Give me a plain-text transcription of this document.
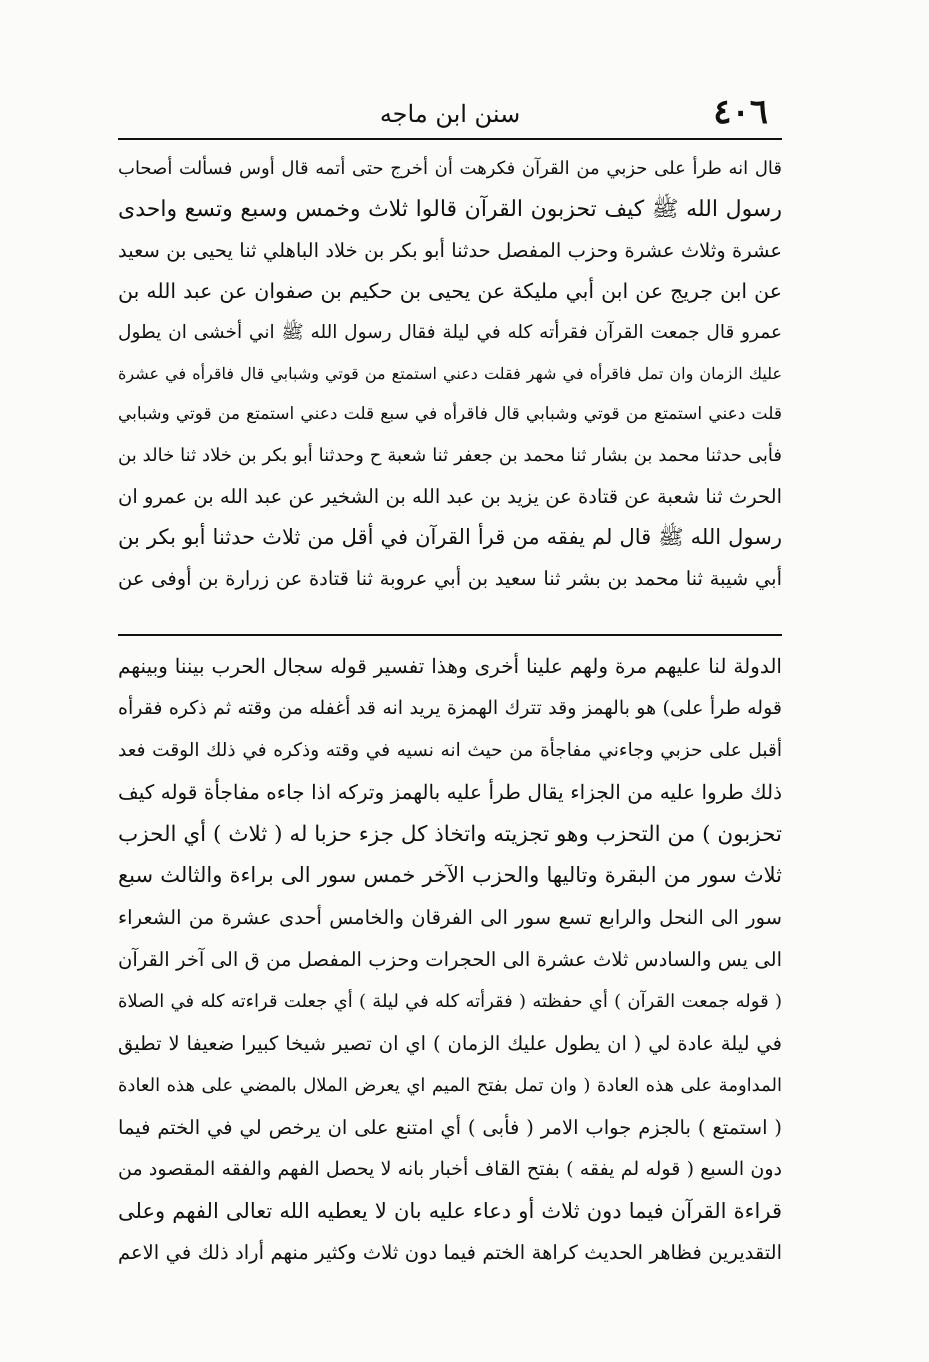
٤٠٦
سنن ابن ماجه
قال انه طرأ على حزبي من القرآن فكرهت أن أخرج حتى أتمه قال أوس فسألت أصحاب
رسول الله ﷺ كيف تحزبون القرآن قالوا ثلاث وخمس وسبع وتسع واحدى
عشرة وثلاث عشرة وحزب المفصل حدثنا أبو بكر بن خلاد الباهلي ثنا يحيى بن سعيد
عن ابن جريج عن ابن أبي مليكة عن يحيى بن حكيم بن صفوان عن عبد الله بن
عمرو قال جمعت القرآن فقرأته كله في ليلة فقال رسول الله ﷺ اني أخشى ان يطول
عليك الزمان وان تمل فاقرأه في شهر فقلت دعني استمتع من قوتي وشبابي قال فاقرأه في عشرة
قلت دعني استمتع من قوتي وشبابي قال فاقرأه في سبع قلت دعني استمتع من قوتي وشبابي
فأبى حدثنا محمد بن بشار ثنا محمد بن جعفر ثنا شعبة ح وحدثنا أبو بكر بن خلاد ثنا خالد بن
الحرث ثنا شعبة عن قتادة عن يزيد بن عبد الله بن الشخير عن عبد الله بن عمرو ان
رسول الله ﷺ قال لم يفقه من قرأ القرآن في أقل من ثلاث حدثنا أبو بكر بن
أبي شيبة ثنا محمد بن بشر ثنا سعيد بن أبي عروبة ثنا قتادة عن زرارة بن أوفى عن
الدولة لنا عليهم مرة ولهم علينا أخرى وهذا تفسير قوله سجال الحرب بيننا وبينهم
قوله طرأ على) هو بالهمز وقد تترك الهمزة يريد انه قد أغفله من وقته ثم ذكره فقرأه
أقبل على حزبي وجاءني مفاجأة من حيث انه نسيه في وقته وذكره في ذلك الوقت فعد
ذلك طروا عليه من الجزاء يقال طرأ عليه بالهمز وتركه اذا جاءه مفاجأة قوله كيف
تحزبون ) من التحزب وهو تجزيته واتخاذ كل جزء حزبا له ( ثلاث ) أي الحزب
ثلاث سور من البقرة وتاليها والحزب الآخر خمس سور الى براءة والثالث سبع
سور الى النحل والرابع تسع سور الى الفرقان والخامس أحدى عشرة من الشعراء
الى يس والسادس ثلاث عشرة الى الحجرات وحزب المفصل من ق الى آخر القرآن
( قوله جمعت القرآن ) أي حفظته ( فقرأته كله في ليلة ) أي جعلت قراءته كله في الصلاة
في ليلة عادة لي ( ان يطول عليك الزمان ) اي ان تصير شيخا كبيرا ضعيفا لا تطيق
المداومة على هذه العادة ( وان تمل بفتح الميم اي يعرض الملال بالمضي على هذه العادة
( استمتع ) بالجزم جواب الامر ( فأبى ) أي امتنع على ان يرخص لي في الختم فيما
دون السبع ( قوله لم يفقه ) بفتح القاف أخبار بانه لا يحصل الفهم والفقه المقصود من
قراءة القرآن فيما دون ثلاث أو دعاء عليه بان لا يعطيه الله تعالى الفهم وعلى
التقديرين فظاهر الحديث كراهة الختم فيما دون ثلاث وكثير منهم أراد ذلك في الاعم
